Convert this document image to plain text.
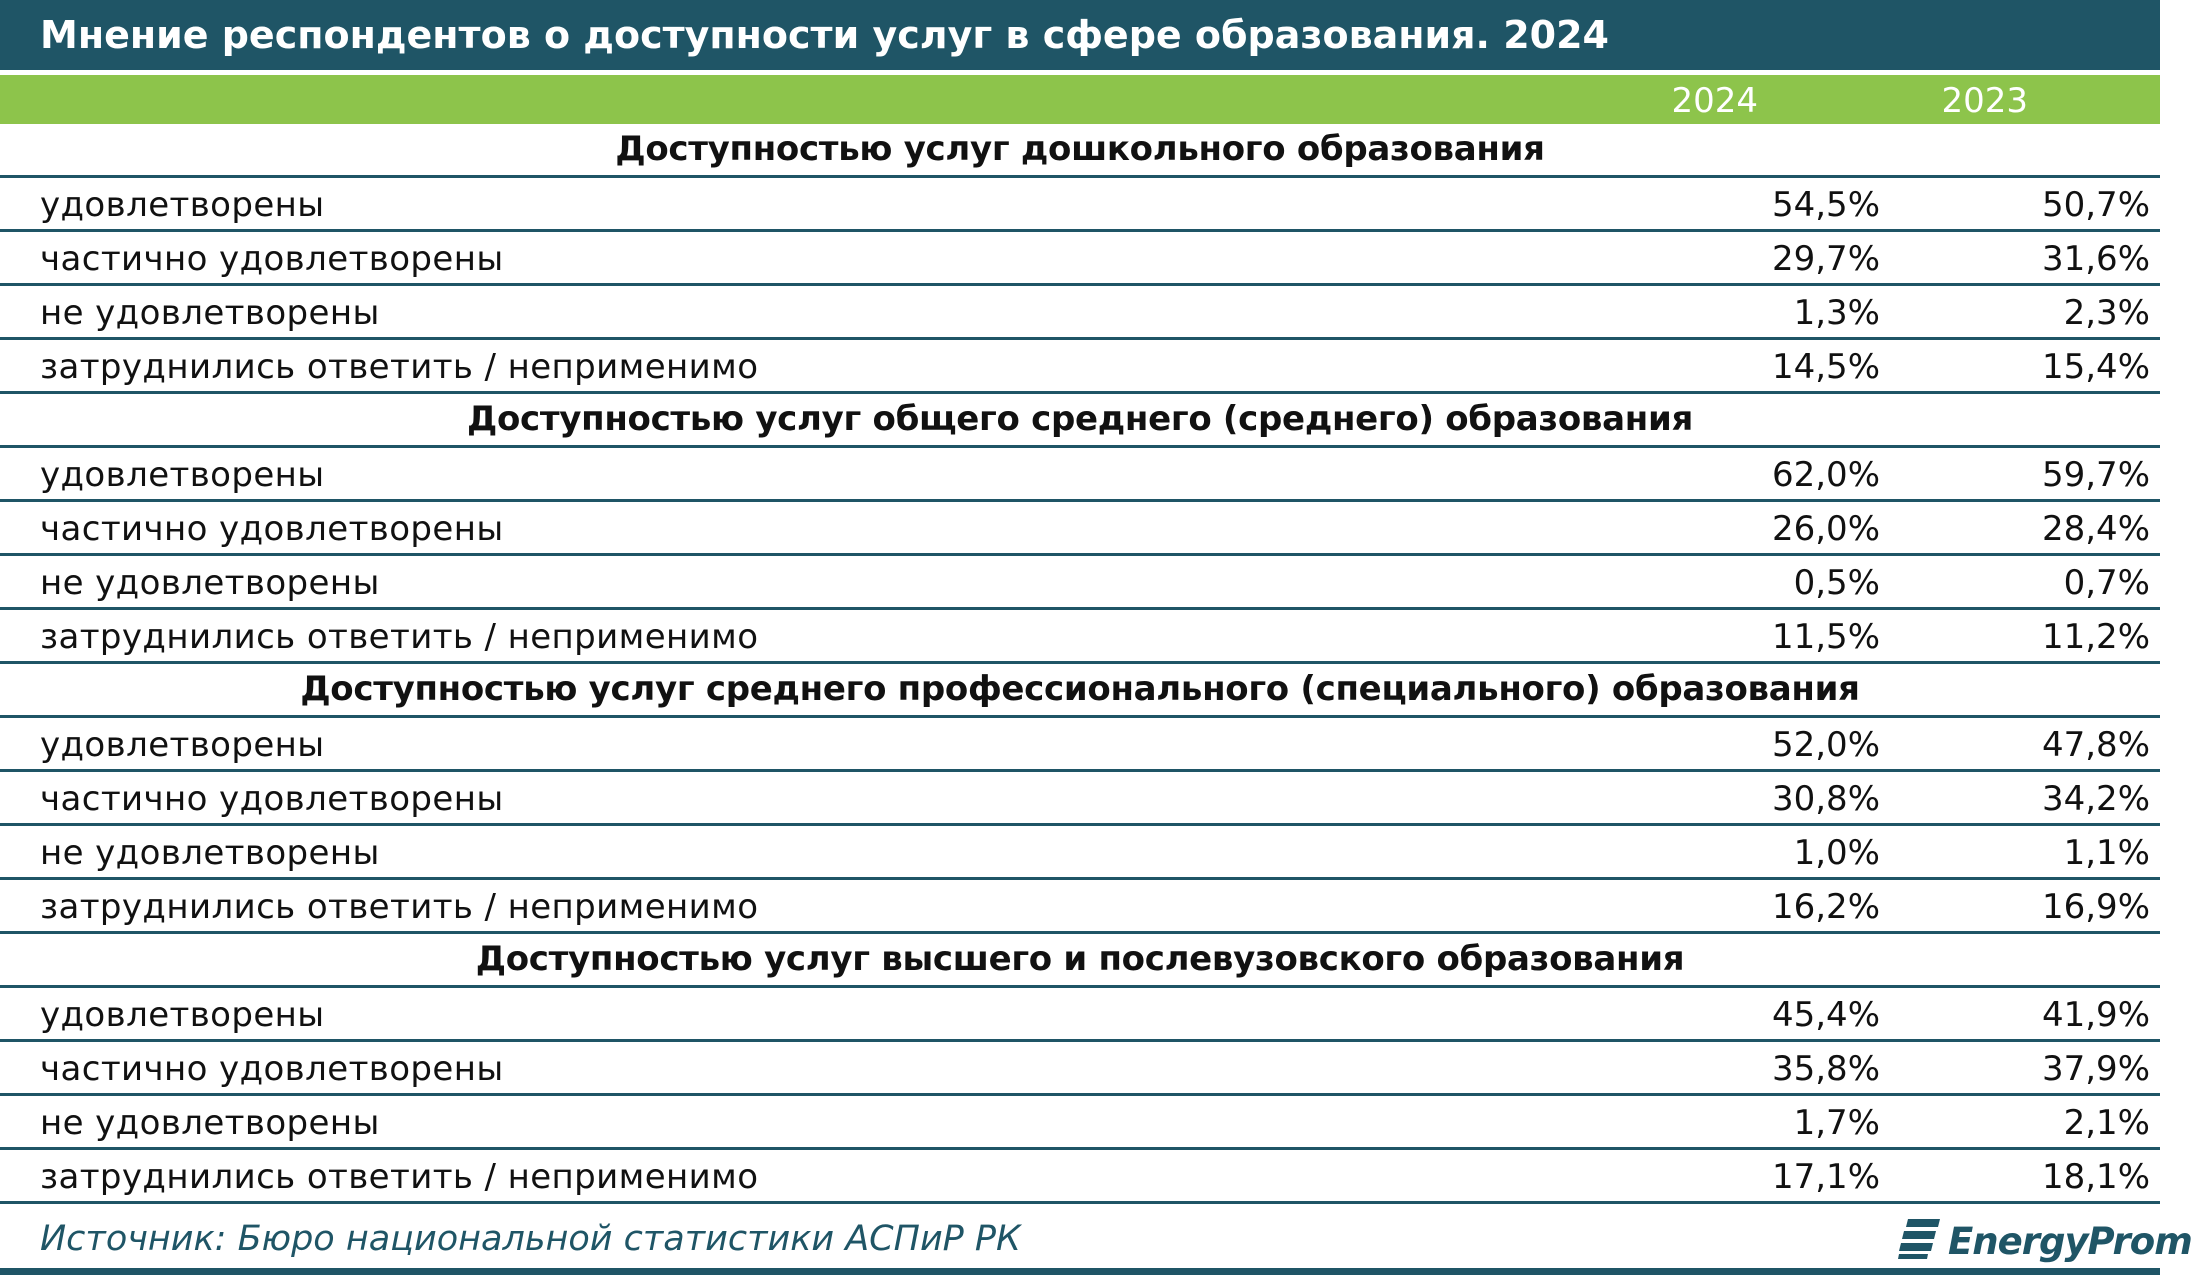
Мнение респондентов о доступности услуг в сфере образования. 2024
2024	2023
Доступностью услуг дошкольного образования
удовлетворены	54,5%	50,7%
частично удовлетворены	29,7%	31,6%
не удовлетворены	1,3%	2,3%
затруднились ответить / неприменимо	14,5%	15,4%
Доступностью услуг общего среднего (среднего) образования
удовлетворены	62,0%	59,7%
частично удовлетворены	26,0%	28,4%
не удовлетворены	0,5%	0,7%
затруднились ответить / неприменимо	11,5%	11,2%
Доступностью услуг среднего профессионального (специального) образования
удовлетворены	52,0%	47,8%
частично удовлетворены	30,8%	34,2%
не удовлетворены	1,0%	1,1%
затруднились ответить / неприменимо	16,2%	16,9%
Доступностью услуг высшего и послевузовского образования
удовлетворены	45,4%	41,9%
частично удовлетворены	35,8%	37,9%
не удовлетворены	1,7%	2,1%
затруднились ответить / неприменимо	17,1%	18,1%
Источник: Бюро национальной статистики АСПиР РК	EnergyProm
